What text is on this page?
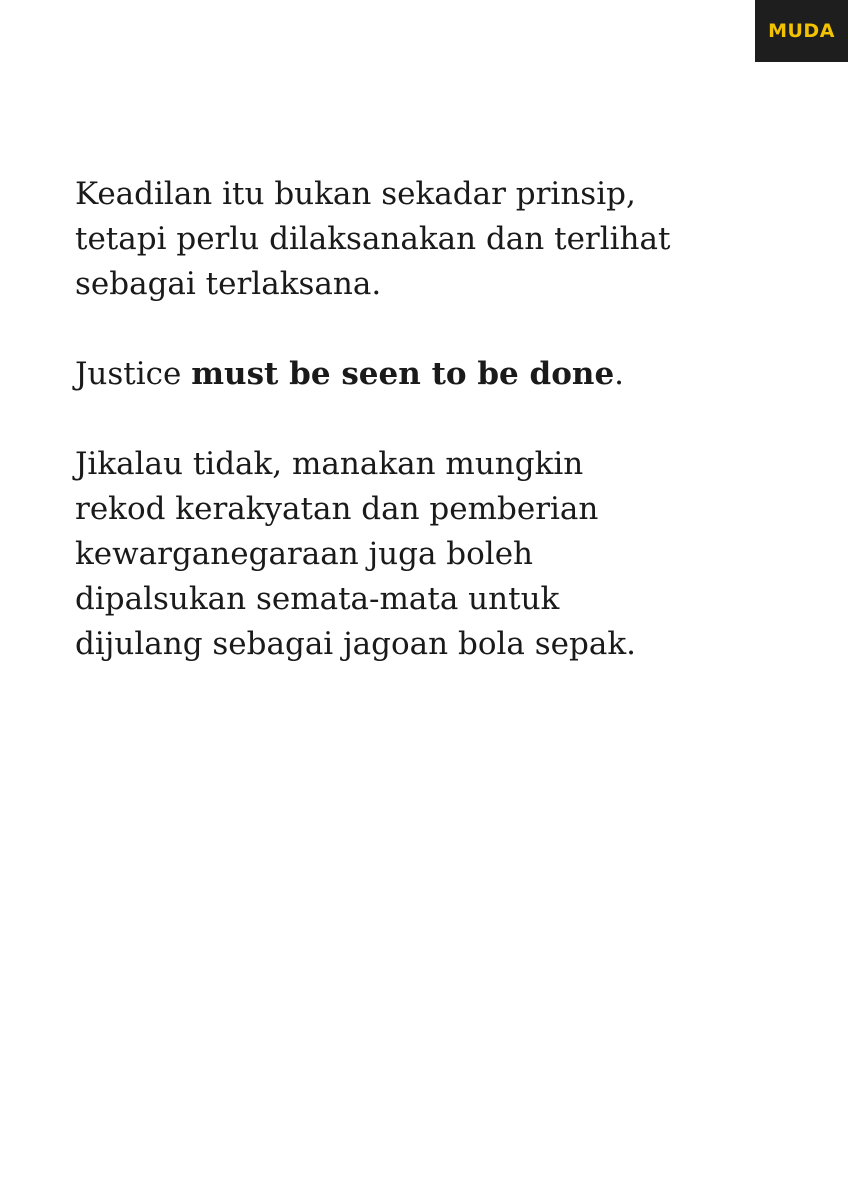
MUDA

Keadilan itu bukan sekadar prinsip,
tetapi perlu dilaksanakan dan terlihat
sebagai terlaksana.

Justice must be seen to be done.

Jikalau tidak, manakan mungkin
rekod kerakyatan dan pemberian
kewarganegaraan juga boleh
dipalsukan semata-mata untuk
dijulang sebagai jagoan bola sepak.
